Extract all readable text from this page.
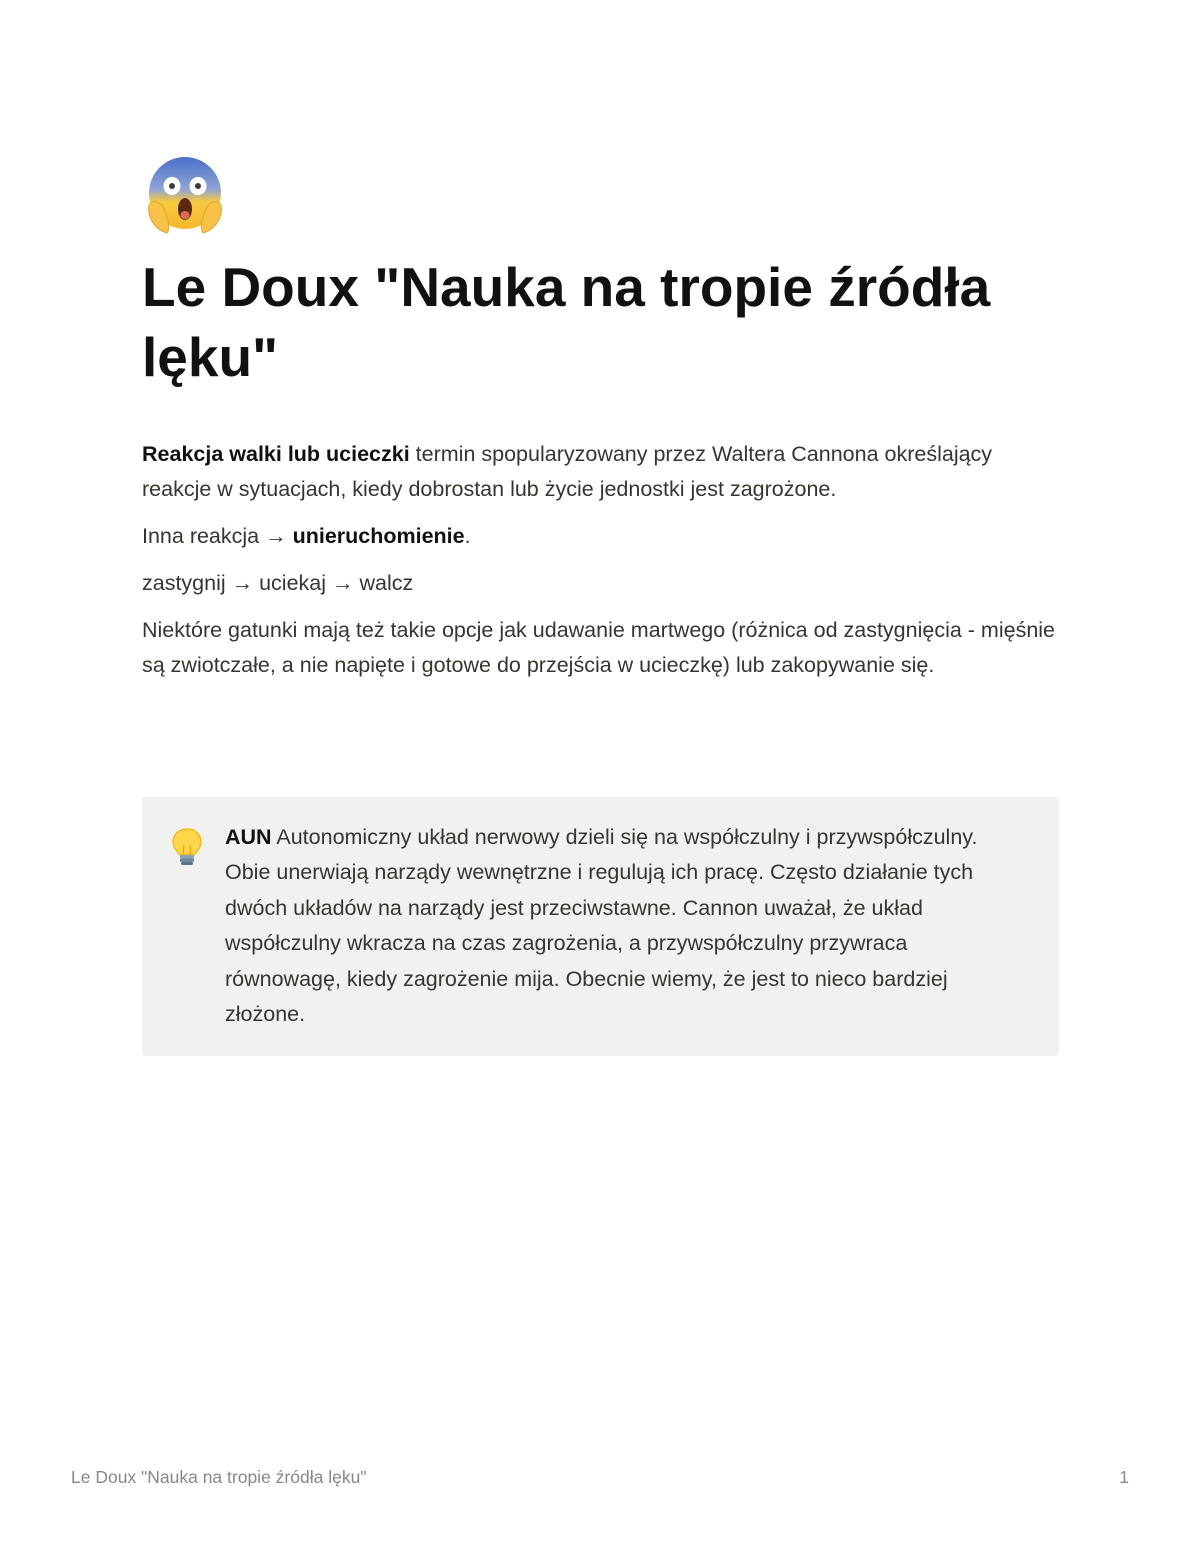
Le Doux "Nauka na tropie źródła lęku"

Reakcja walki lub ucieczki termin spopularyzowany przez Waltera Cannona określający reakcje w sytuacjach, kiedy dobrostan lub życie jednostki jest zagrożone.

Inna reakcja → unieruchomienie.

zastygnij → uciekaj → walcz

Niektóre gatunki mają też takie opcje jak udawanie martwego (różnica od zastygnięcia - mięśnie są zwiotczałe, a nie napięte i gotowe do przejścia w ucieczkę) lub zakopywanie się.

AUN Autonomiczny układ nerwowy dzieli się na współczulny i przywspółczulny. Obie unerwiają narządy wewnętrzne i regulują ich pracę. Często działanie tych dwóch układów na narządy jest przeciwstawne. Cannon uważał, że układ współczulny wkracza na czas zagrożenia, a przywspółczulny przywraca równowagę, kiedy zagrożenie mija. Obecnie wiemy, że jest to nieco bardziej złożone.
Le Doux "Nauka na tropie źródła lęku"	1
